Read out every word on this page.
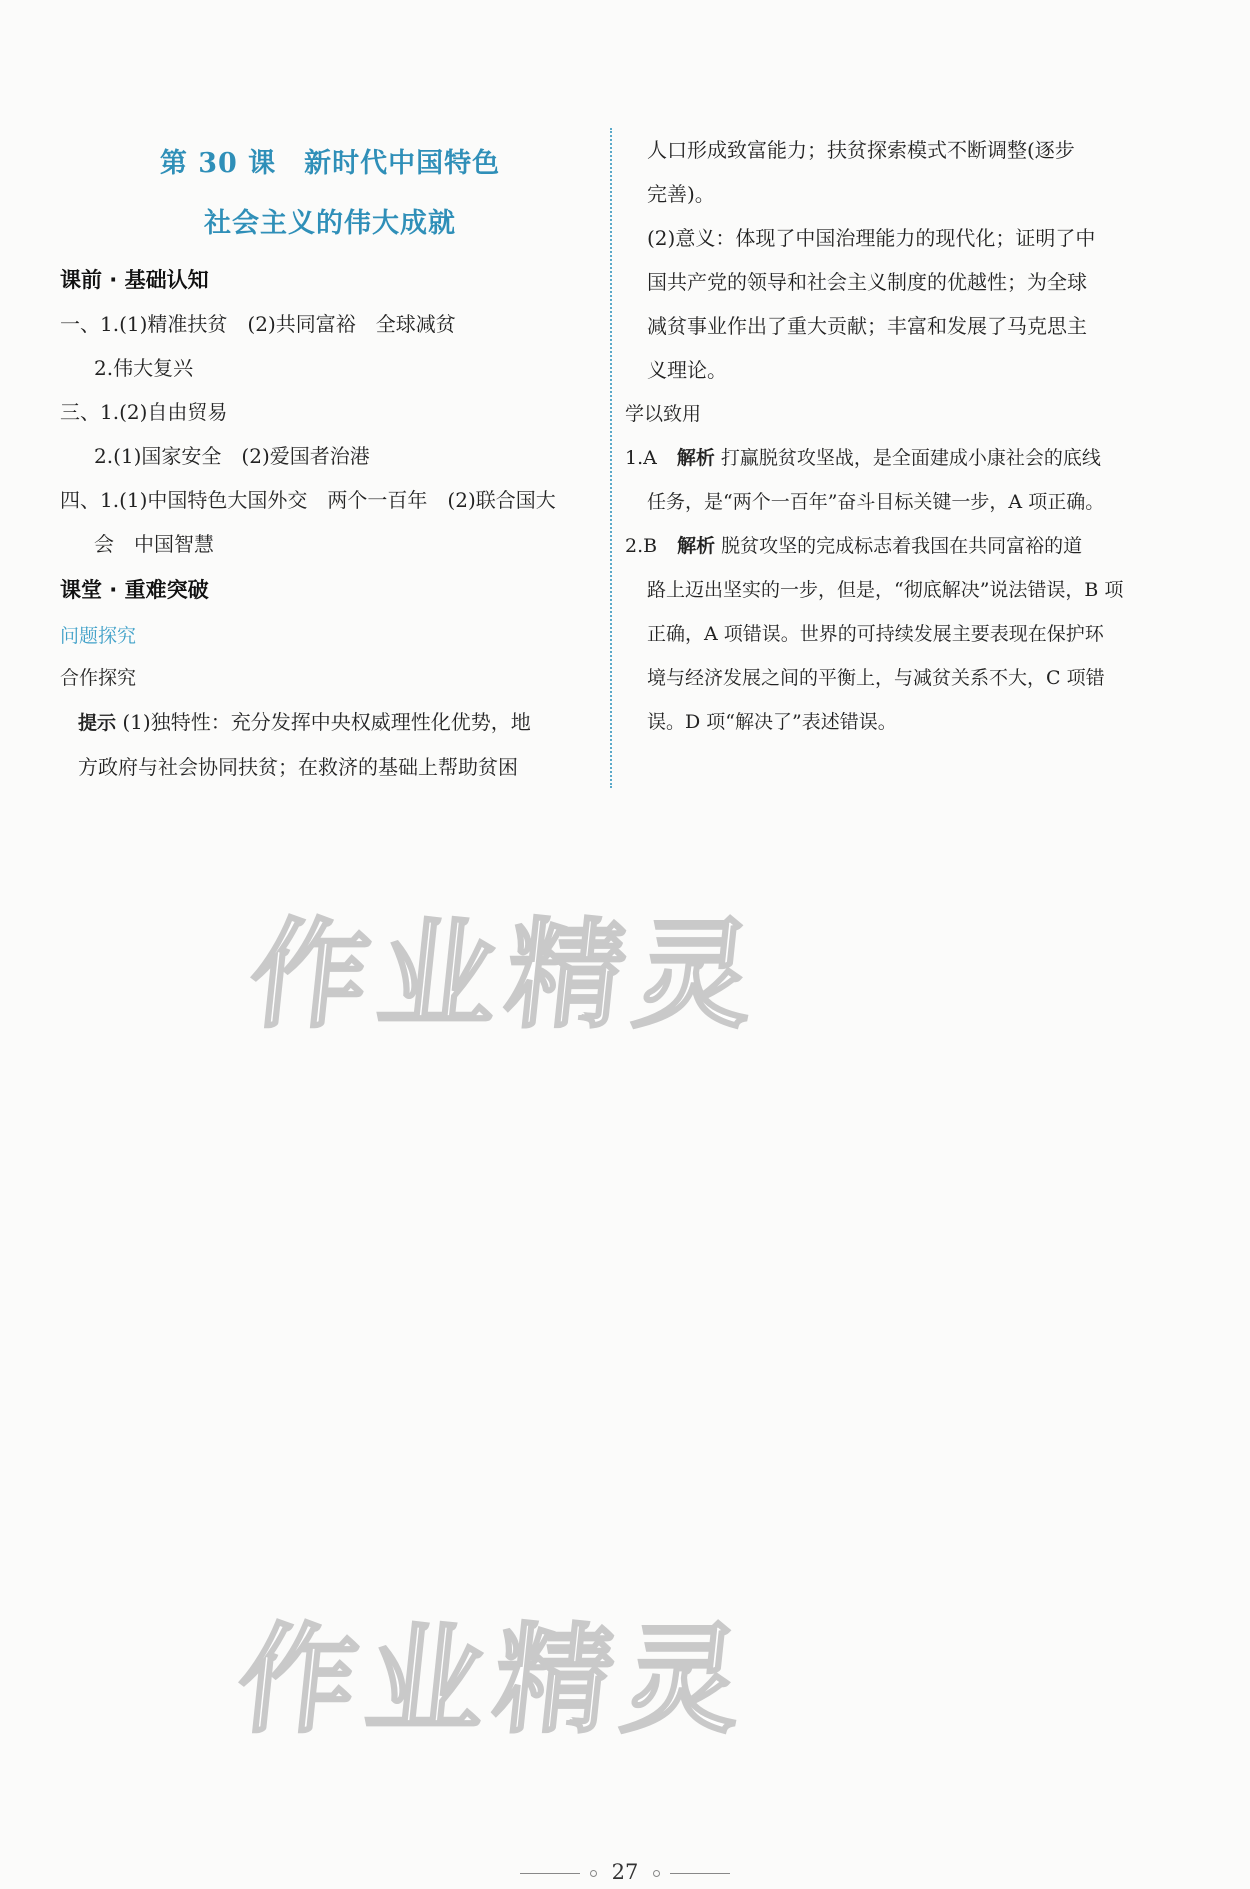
第 30 课　新时代中国特色
社会主义的伟大成就
课前 · 基础认知
一、1.(1)精准扶贫　(2)共同富裕　全球减贫
2.伟大复兴
三、1.(2)自由贸易
2.(1)国家安全　(2)爱国者治港
四、1.(1)中国特色大国外交　两个一百年　(2)联合国大
会　中国智慧
课堂 · 重难突破
问题探究
合作探究
提示 (1)独特性：充分发挥中央权威理性化优势，地
方政府与社会协同扶贫；在救济的基础上帮助贫困
人口形成致富能力；扶贫探索模式不断调整(逐步
完善)。
(2)意义：体现了中国治理能力的现代化；证明了中
国共产党的领导和社会主义制度的优越性；为全球
减贫事业作出了重大贡献；丰富和发展了马克思主
义理论。
学以致用
1.A 解析 打赢脱贫攻坚战，是全面建成小康社会的底线
任务，是“两个一百年”奋斗目标关键一步，A 项正确。
2.B 解析 脱贫攻坚的完成标志着我国在共同富裕的道
路上迈出坚实的一步，但是，“彻底解决”说法错误，B 项
正确，A 项错误。世界的可持续发展主要表现在保护环
境与经济发展之间的平衡上，与减贫关系不大，C 项错
误。D 项“解决了”表述错误。
作业精灵
作业精灵
27
